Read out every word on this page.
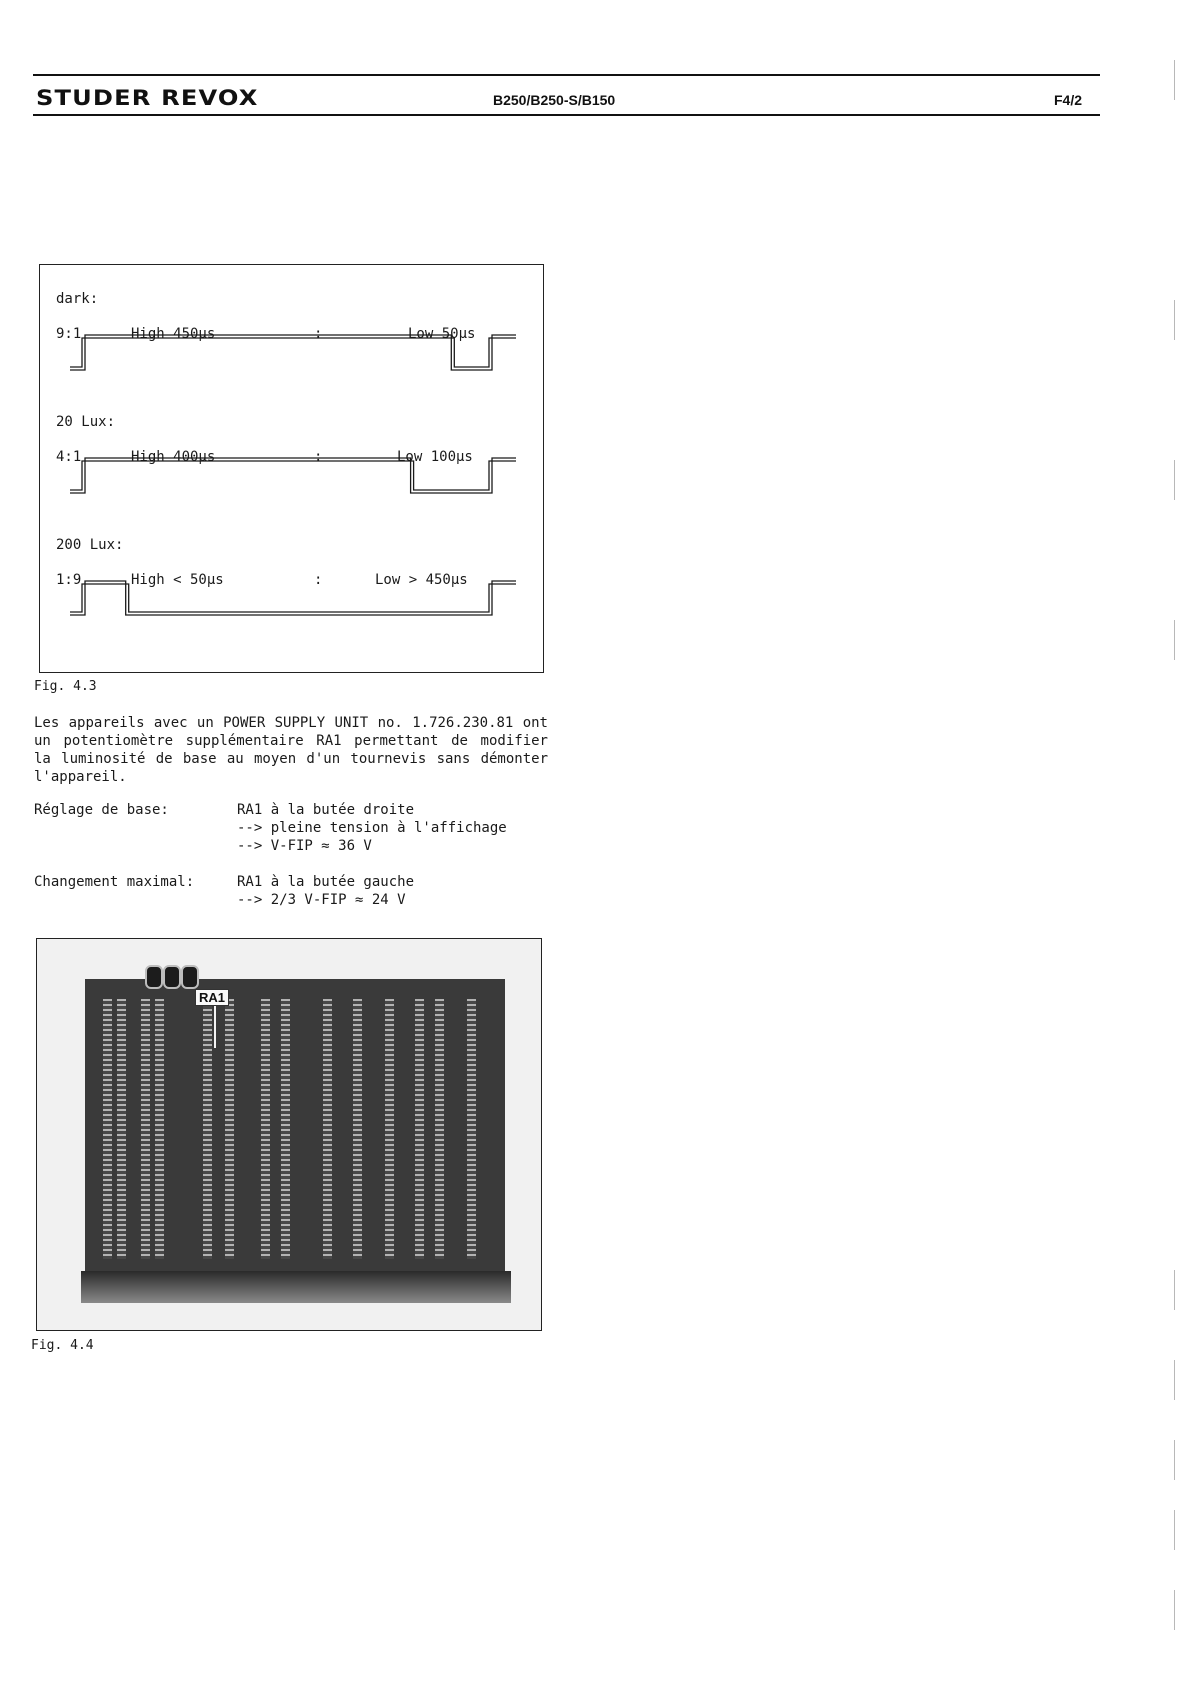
STUDER REVOX	B250/B250-S/B150	F4/2
dark:
9:1	High 450µs	:	Low 50µs
20 Lux:
4:1	High 400µs	:	Low 100µs
200 Lux:
1:9	High < 50µs	:	Low > 450µs
Fig. 4.3
Les appareils avec un POWER SUPPLY UNIT no. 1.726.230.81 ont un potentiomètre supplémentaire RA1 permettant de modifier la luminosité de base au moyen d'un tournevis sans démonter l'appareil.
Réglage de base:	RA1 à la butée droite
--> pleine tension à l'affichage
--> V-FIP ≈ 36 V
Changement maximal:	RA1 à la butée gauche
--> 2/3 V-FIP ≈ 24 V
RA1
Fig. 4.4
